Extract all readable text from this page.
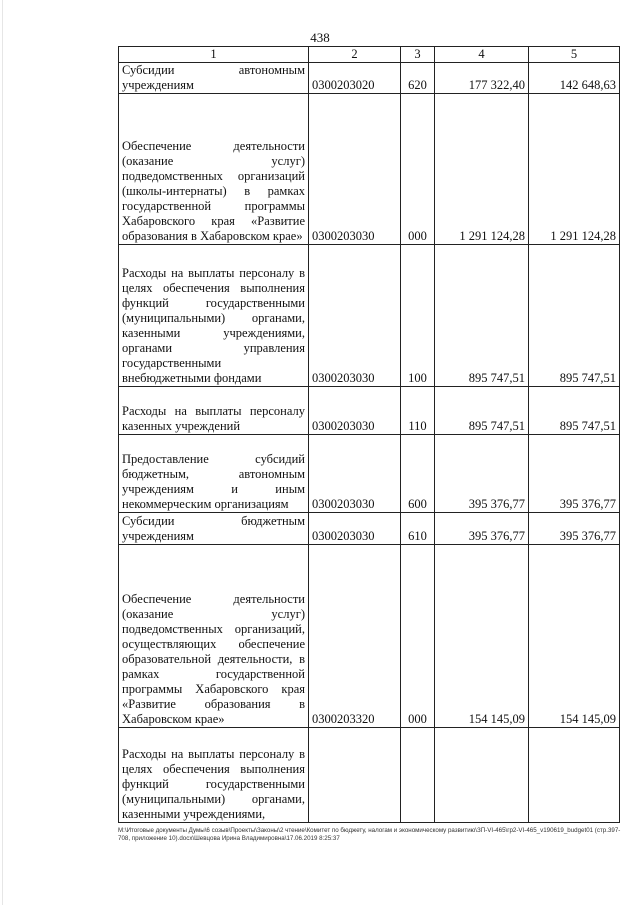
438
1	2	3	4	5
Субсидии автономным учреждениям	0300203020	620	177 322,40	142 648,63
Обеспечение деятельности (оказание услуг) подведомственных организаций (школы-интернаты) в рамках государственной программы Хабаровского края «Развитие образования в Хабаровском крае»	0300203030	000	1 291 124,28	1 291 124,28
Расходы на выплаты персоналу в целях обеспечения выполнения функций государственными (муниципальными) органами, казенными учреждениями, органами управления государственными внебюджетными фондами	0300203030	100	895 747,51	895 747,51
Расходы на выплаты персоналу казенных учреждений	0300203030	110	895 747,51	895 747,51
Предоставление субсидий бюджетным, автономным учреждениям и иным некоммерческим организациям	0300203030	600	395 376,77	395 376,77
Субсидии бюджетным учреждениям	0300203030	610	395 376,77	395 376,77
Обеспечение деятельности (оказание услуг) подведомственных организаций, осуществляющих обеспечение образовательной деятельности, в рамках государственной программы Хабаровского края «Развитие образования в Хабаровском крае»	0300203320	000	154 145,09	154 145,09
Расходы на выплаты персоналу в целях обеспечения выполнения функций государственными (муниципальными) органами, казенными учреждениями,				
M:\Итоговые документы Думы\6 созыв\Проекты\Законы\2 чтение\Комитет по бюджету, налогам и экономическому развитию\ЗП-VI-465\гр2-VI-465_v190619_budget01 (стр.397-708, приложение 10).docx\Шевцова Ирина Владимировна\17.06.2019 8:25:37
